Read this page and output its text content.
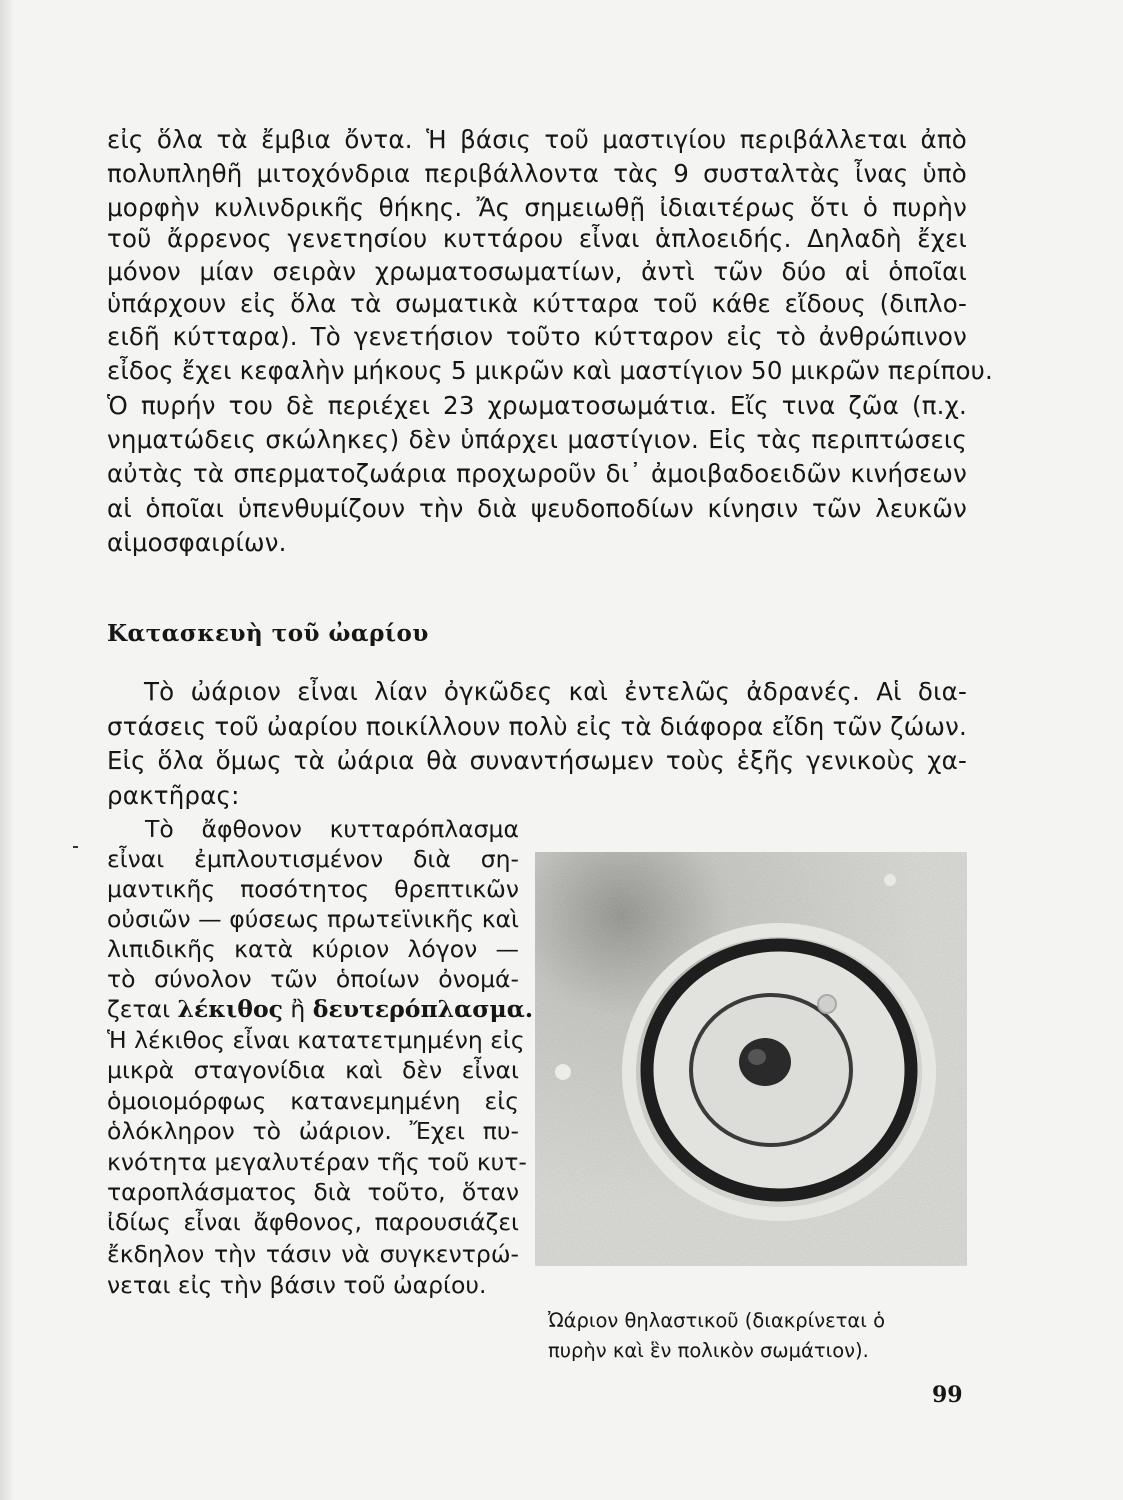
εἰς ὅλα τὰ ἔμβια ὄντα. Ἡ βάσις τοῦ μαστιγίου περιβάλλεται ἀπὸ
πολυπληθῆ μιτοχόνδρια περιβάλλοντα τὰς 9 συσταλτὰς ἶνας ὑπὸ
μορφὴν κυλινδρικῆς θήκης. Ἄς σημειωθῇ ἰδιαιτέρως ὅτι ὁ πυρὴν
τοῦ ἄρρενος γενετησίου κυττάρου εἶναι ἁπλοειδής. Δηλαδὴ ἔχει
μόνον μίαν σειρὰν χρωματοσωματίων, ἀντὶ τῶν δύο αἱ ὁποῖαι
ὑπάρχουν εἰς ὅλα τὰ σωματικὰ κύτταρα τοῦ κάθε εἴδους (διπλο-
ειδῆ κύτταρα). Τὸ γενετήσιον τοῦτο κύτταρον εἰς τὸ ἀνθρώπινον
εἶδος ἔχει κεφαλὴν μήκους 5 μικρῶν καὶ μαστίγιον 50 μικρῶν περίπου.
Ὁ πυρήν του δὲ περιέχει 23 χρωματοσωμάτια. Εἴς τινα ζῶα (π.χ.
νηματώδεις σκώληκες) δὲν ὑπάρχει μαστίγιον. Εἰς τὰς περιπτώσεις
αὐτὰς τὰ σπερματοζωάρια προχωροῦν δι᾿ ἀμοιβαδοειδῶν κινήσεων
αἱ ὁποῖαι ὑπενθυμίζουν τὴν διὰ ψευδοποδίων κίνησιν τῶν λευκῶν
αἱμοσφαιρίων.
Κατασκευὴ τοῦ ὠαρίου
Τὸ ὠάριον εἶναι λίαν ὀγκῶδες καὶ ἐντελῶς ἀδρανές. Αἱ δια-
στάσεις τοῦ ὠαρίου ποικίλλουν πολὺ εἰς τὰ διάφορα εἴδη τῶν ζώων.
Εἰς ὅλα ὅμως τὰ ὠάρια θὰ συναντήσωμεν τοὺς ἑξῆς γενικοὺς χα-
ρακτῆρας:
Τὸ ἄφθονον κυτταρόπλασμα
εἶναι ἐμπλουτισμένον διὰ ση-
μαντικῆς ποσότητος θρεπτικῶν
οὐσιῶν — φύσεως πρωτεϊνικῆς καὶ
λιπιδικῆς κατὰ κύριον λόγον —
τὸ σύνολον τῶν ὁποίων ὀνομά-
ζεται λέκιθος ἢ δευτερόπλασμα.
Ἡ λέκιθος εἶναι κατατετμημένη εἰς
μικρὰ σταγονίδια καὶ δὲν εἶναι
ὁμοιομόρφως κατανεμημένη εἰς
ὁλόκληρον τὸ ὠάριον. Ἔχει πυ-
κνότητα μεγαλυτέραν τῆς τοῦ κυτ-
ταροπλάσματος διὰ τοῦτο, ὅταν
ἰδίως εἶναι ἄφθονος, παρουσιάζει
ἔκδηλον τὴν τάσιν νὰ συγκεντρώ-
νεται εἰς τὴν βάσιν τοῦ ὠαρίου.
Ὠάριον θηλαστικοῦ (διακρίνεται ὁ
πυρὴν καὶ ἓν πολικὸν σωμάτιον).
99
